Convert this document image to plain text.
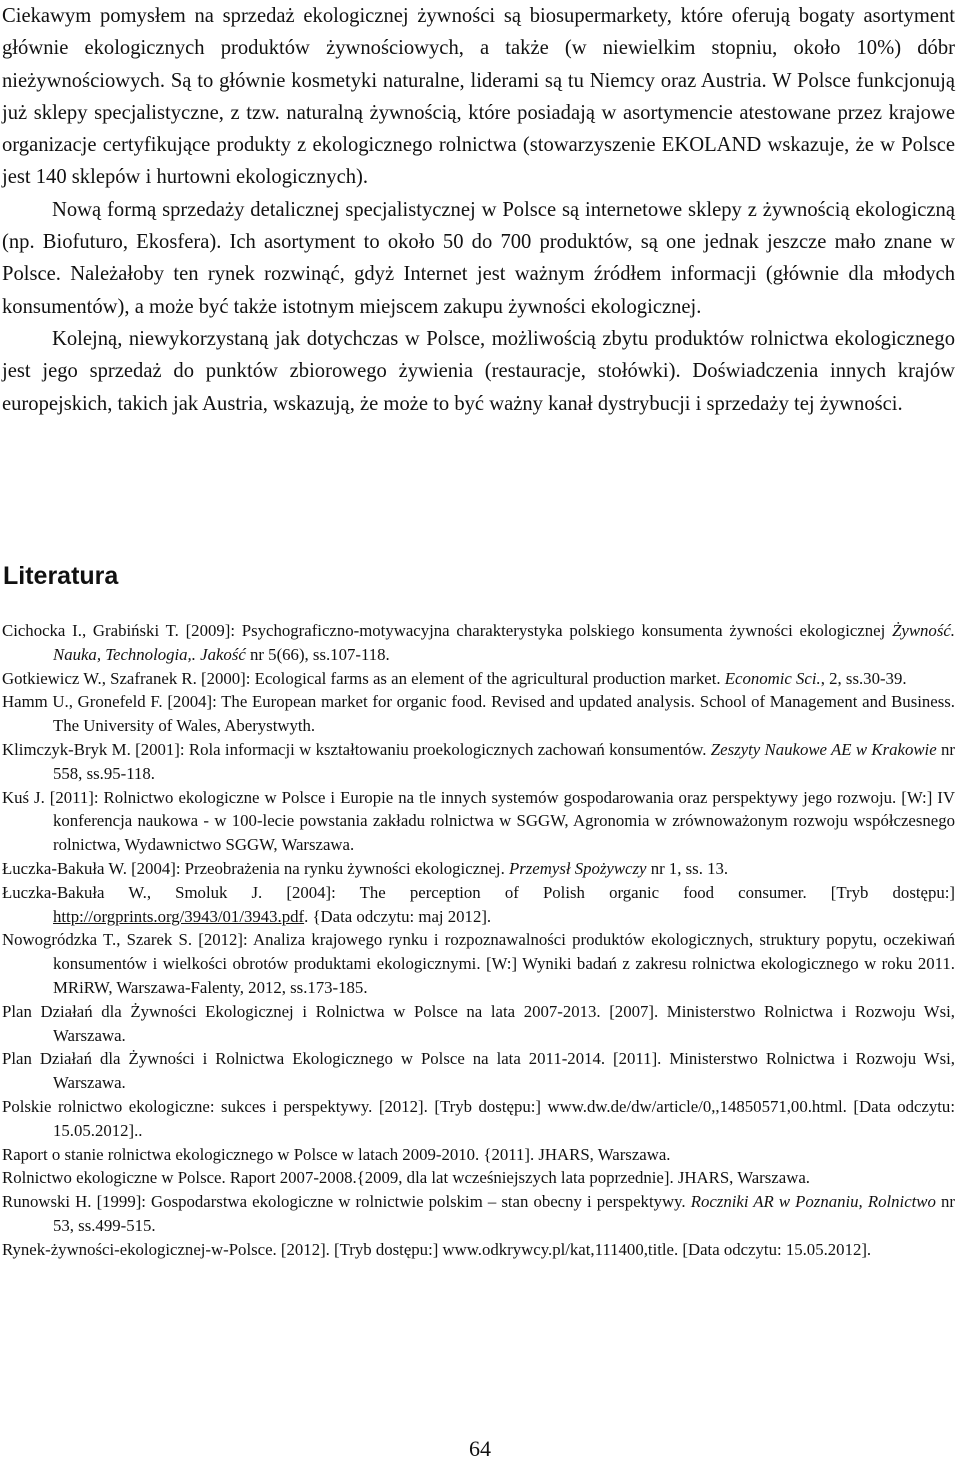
Ciekawym pomysłem na sprzedaż ekologicznej żywności są biosupermarkety, które oferują bogaty asortyment głównie ekologicznych produktów żywnościowych, a także (w niewielkim stopniu, około 10%) dóbr nieżywnościowych. Są to głównie kosmetyki naturalne, liderami są tu Niemcy oraz Austria. W Polsce funkcjonują już sklepy specjalistyczne, z tzw. naturalną żywnością, które posiadają w asortymencie atestowane przez krajowe organizacje certyfikujące produkty z ekologicznego rolnictwa (stowarzyszenie EKOLAND wskazuje, że w Polsce jest 140 sklepów i hurtowni ekologicznych).

Nową formą sprzedaży detalicznej specjalistycznej w Polsce są internetowe sklepy z żywnością ekologiczną (np. Biofuturo, Ekosfera). Ich asortyment to około 50 do 700 produktów, są one jednak jeszcze mało znane w Polsce. Należałoby ten rynek rozwinąć, gdyż Internet jest ważnym źródłem informacji (głównie dla młodych konsumentów), a może być także istotnym miejscem zakupu żywności ekologicznej.

Kolejną, niewykorzystaną jak dotychczas w Polsce, możliwością zbytu produktów rolnictwa ekologicznego jest jego sprzedaż do punktów zbiorowego żywienia (restauracje, stołówki). Doświadczenia innych krajów europejskich, takich jak Austria, wskazują, że może to być ważny kanał dystrybucji i sprzedaży tej żywności.

Literatura

Cichocka I., Grabiński T. [2009]: Psychograficzno-motywacyjna charakterystyka polskiego konsumenta żywności ekologicznej Żywność. Nauka, Technologia,. Jakość nr 5(66), ss.107-118.

Gotkiewicz W., Szafranek R. [2000]: Ecological farms as an element of the agricultural production market. Economic Sci., 2, ss.30-39.

Hamm U., Gronefeld F. [2004]: The European market for organic food. Revised and updated analysis. School of Management and Business. The University of Wales, Aberystwyth.

Klimczyk-Bryk M. [2001]: Rola informacji w kształtowaniu proekologicznych zachowań konsumentów. Zeszyty Naukowe AE w Krakowie nr 558, ss.95-118.

Kuś J. [2011]: Rolnictwo ekologiczne w Polsce i Europie na tle innych systemów gospodarowania oraz perspektywy jego rozwoju. [W:] IV konferencja naukowa - w 100-lecie powstania zakładu rolnictwa w SGGW, Agronomia w zrównoważonym rozwoju współczesnego rolnictwa, Wydawnictwo SGGW, Warszawa.

Łuczka-Bakuła W. [2004]: Przeobrażenia na rynku żywności ekologicznej. Przemysł Spożywczy nr 1, ss. 13.

Łuczka-Bakuła W., Smoluk J. [2004]: The perception of Polish organic food consumer. [Tryb dostępu:] http://orgprints.org/3943/01/3943.pdf. {Data odczytu: maj 2012].

Nowogródzka T., Szarek S. [2012]: Analiza krajowego rynku i rozpoznawalności produktów ekologicznych, struktury popytu, oczekiwań konsumentów i wielkości obrotów produktami ekologicznymi. [W:] Wyniki badań z zakresu rolnictwa ekologicznego w roku 2011. MRiRW, Warszawa-Falenty, 2012, ss.173-185.

Plan Działań dla Żywności Ekologicznej i Rolnictwa w Polsce na lata 2007-2013. [2007]. Ministerstwo Rolnictwa i Rozwoju Wsi, Warszawa.

Plan Działań dla Żywności i Rolnictwa Ekologicznego w Polsce na lata 2011-2014. [2011]. Ministerstwo Rolnictwa i Rozwoju Wsi, Warszawa.

Polskie rolnictwo ekologiczne: sukces i perspektywy. [2012]. [Tryb dostępu:] www.dw.de/dw/article/0,,14850571,00.html. [Data odczytu: 15.05.2012]..

Raport o stanie rolnictwa ekologicznego w Polsce w latach 2009-2010. {2011]. JHARS, Warszawa.

Rolnictwo ekologiczne w Polsce. Raport 2007-2008.{2009, dla lat wcześniejszych lata poprzednie]. JHARS, Warszawa.

Runowski H. [1999]: Gospodarstwa ekologiczne w rolnictwie polskim – stan obecny i perspektywy. Roczniki AR w Poznaniu, Rolnictwo nr 53, ss.499-515.

Rynek-żywności-ekologicznej-w-Polsce. [2012]. [Tryb dostępu:] www.odkrywcy.pl/kat,111400,title. [Data odczytu: 15.05.2012].

64
